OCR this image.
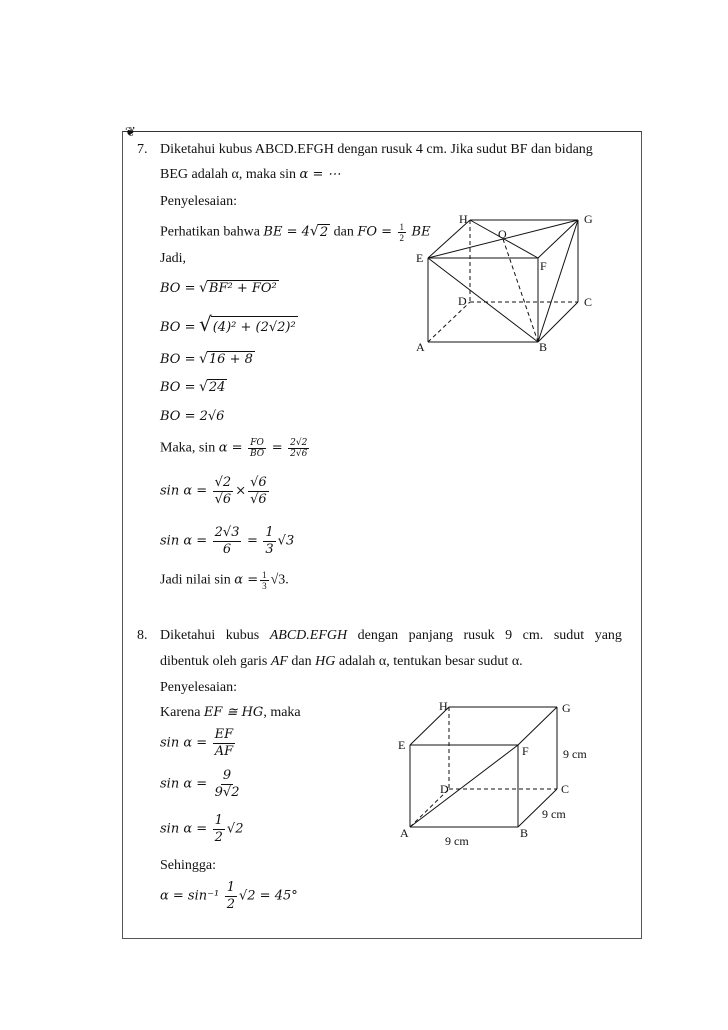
❦
7. Diketahui kubus ABCD.EFGH dengan rusuk 4 cm. Jika sudut BF dan bidang
BEG adalah α, maka sin α = ⋯
Penyelesaian:
Perhatikan bahwa BE = 4√2 dan FO = $\frac{1}{2}$ BE
Jadi,
BO = √BF² + FO²
BO = √(4)² + (2√2)²
BO = √16 + 8
BO = √24
BO = 2√6
Maka, $\sin \alpha = \frac{FO}{BO} = \frac{2√2}{2√6}$
$\sin \alpha = \frac{√2}{√6} \times \frac{√6}{√6}$
$\sin \alpha = \frac{2√3}{6} = \frac{1}{3} √3$
Jadi nilai $\sin \alpha = \frac{1}{3} √3$.
H	G
O
E
F
D	C
A	B
8. Diketahui kubus ABCD.EFGH dengan panjang rusuk 9 cm. sudut yang
dibentuk oleh garis AF dan HG adalah α, tentukan besar sudut α.
Penyelesaian:
Karena EF ≅ HG, maka
$\sin \alpha = \frac{EF}{AF}$
$\sin \alpha = \frac{9}{9√2}$
$\sin \alpha = \frac{1}{2} √2$
Sehingga:
$\alpha = \sin^{-1} \frac{1}{2} √2 = 45^\circ$
H	G
E	F
D	C
A	B
9 cm
9 cm
9 cm
